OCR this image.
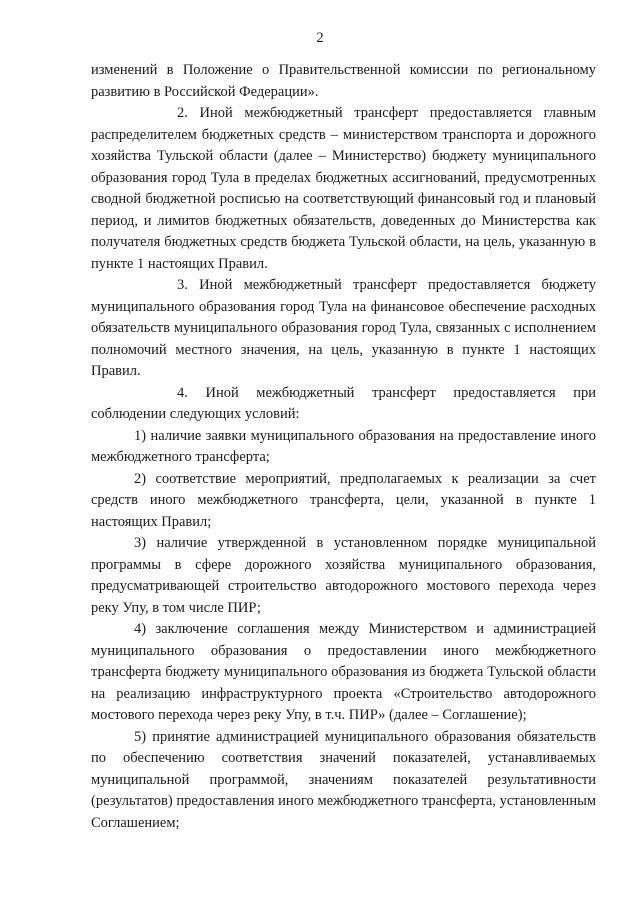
2

изменений в Положение о Правительственной комиссии по региональному развитию в Российской Федерации».

2. Иной межбюджетный трансферт предоставляется главным распределителем бюджетных средств – министерством транспорта и дорожного хозяйства Тульской области (далее – Министерство) бюджету муниципального образования город Тула в пределах бюджетных ассигнований, предусмотренных сводной бюджетной росписью на соответствующий финансовый год и плановый период, и лимитов бюджетных обязательств, доведенных до Министерства как получателя бюджетных средств бюджета Тульской области, на цель, указанную в пункте 1 настоящих Правил.

3. Иной межбюджетный трансферт предоставляется бюджету муниципального образования город Тула на финансовое обеспечение расходных обязательств муниципального образования город Тула, связанных с исполнением полномочий местного значения, на цель, указанную в пункте 1 настоящих Правил.

4. Иной межбюджетный трансферт предоставляется при соблюдении следующих условий:

1) наличие заявки муниципального образования на предоставление иного межбюджетного трансферта;

2) соответствие мероприятий, предполагаемых к реализации за счет средств иного межбюджетного трансферта, цели, указанной в пункте 1 настоящих Правил;

3) наличие утвержденной в установленном порядке муниципальной программы в сфере дорожного хозяйства муниципального образования, предусматривающей строительство автодорожного мостового перехода через реку Упу, в том числе ПИР;

4) заключение соглашения между Министерством и администрацией муниципального образования о предоставлении иного межбюджетного трансферта бюджету муниципального образования из бюджета Тульской области на реализацию инфраструктурного проекта «Строительство автодорожного мостового перехода через реку Упу, в т.ч. ПИР» (далее – Соглашение);

5) принятие администрацией муниципального образования обязательств по обеспечению соответствия значений показателей, устанавливаемых муниципальной программой, значениям показателей результативности (результатов) предоставления иного межбюджетного трансферта, установленным Соглашением;
